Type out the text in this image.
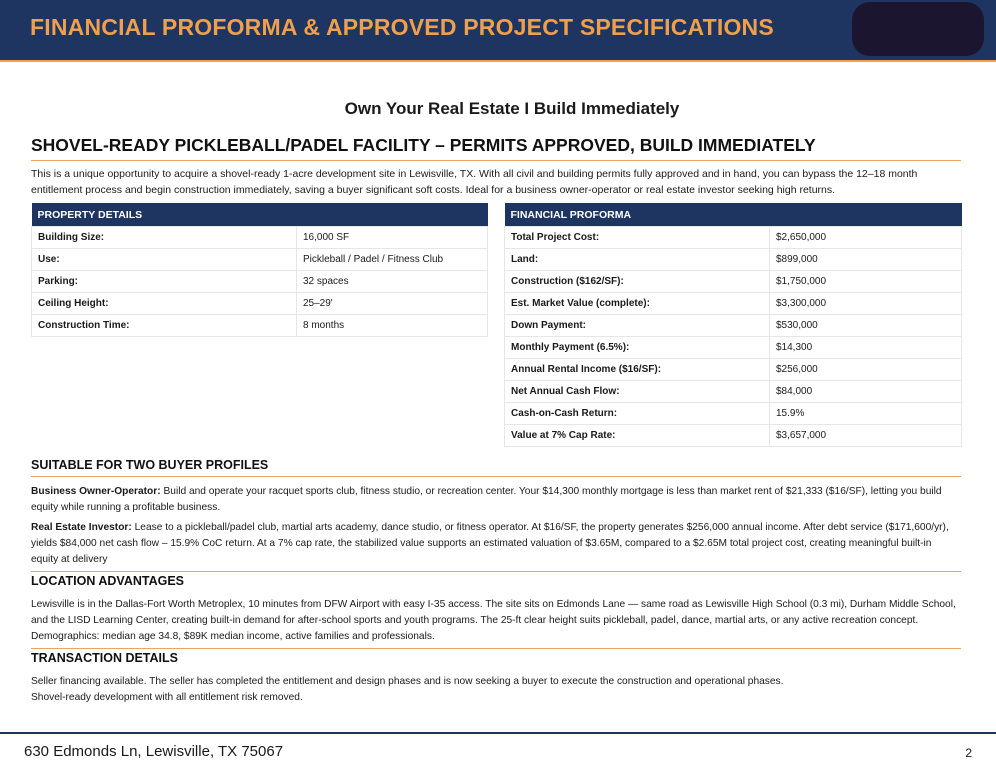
FINANCIAL PROFORMA & APPROVED PROJECT SPECIFICATIONS
Own Your Real Estate I Build Immediately
SHOVEL-READY PICKLEBALL/PADEL FACILITY – PERMITS APPROVED, BUILD IMMEDIATELY
This is a unique opportunity to acquire a shovel-ready 1-acre development site in Lewisville, TX. With all civil and building permits fully approved and in hand, you can bypass the 12–18 month entitlement process and begin construction immediately, saving a buyer significant soft costs. Ideal for a business owner-operator or real estate investor seeking high returns.
PROPERTY DETAILS	
Building Size:	16,000 SF
Use:	Pickleball / Padel / Fitness Club
Parking:	32 spaces
Ceiling Height:	25–29'
Construction Time:	8 months
FINANCIAL PROFORMA	
Total Project Cost:	$2,650,000
Land:	$899,000
Construction ($162/SF):	$1,750,000
Est. Market Value (complete):	$3,300,000
Down Payment:	$530,000
Monthly Payment (6.5%):	$14,300
Annual Rental Income ($16/SF):	$256,000
Net Annual Cash Flow:	$84,000
Cash-on-Cash Return:	15.9%
Value at 7% Cap Rate:	$3,657,000
SUITABLE FOR TWO BUYER PROFILES
Business Owner-Operator: Build and operate your racquet sports club, fitness studio, or recreation center. Your $14,300 monthly mortgage is less than market rent of $21,333 ($16/SF), letting you build equity while running a profitable business.
Real Estate Investor: Lease to a pickleball/padel club, martial arts academy, dance studio, or fitness operator. At $16/SF, the property generates $256,000 annual income. After debt service ($171,600/yr), yields $84,000 net cash flow – 15.9% CoC return. At a 7% cap rate, the stabilized value supports an estimated valuation of $3.65M, compared to a $2.65M total project cost, creating meaningful built-in equity at delivery
LOCATION ADVANTAGES
Lewisville is in the Dallas-Fort Worth Metroplex, 10 minutes from DFW Airport with easy I-35 access. The site sits on Edmonds Lane — same road as Lewisville High School (0.3 mi), Durham Middle School, and the LISD Learning Center, creating built-in demand for after-school sports and youth programs. The 25-ft clear height suits pickleball, padel, dance, martial arts, or any active recreation concept. Demographics: median age 34.8, $89K median income, active families and professionals.
TRANSACTION DETAILS
Seller financing available. The seller has completed the entitlement and design phases and is now seeking a buyer to execute the construction and operational phases.
Shovel-ready development with all entitlement risk removed.
630 Edmonds Ln, Lewisville, TX 75067	2
